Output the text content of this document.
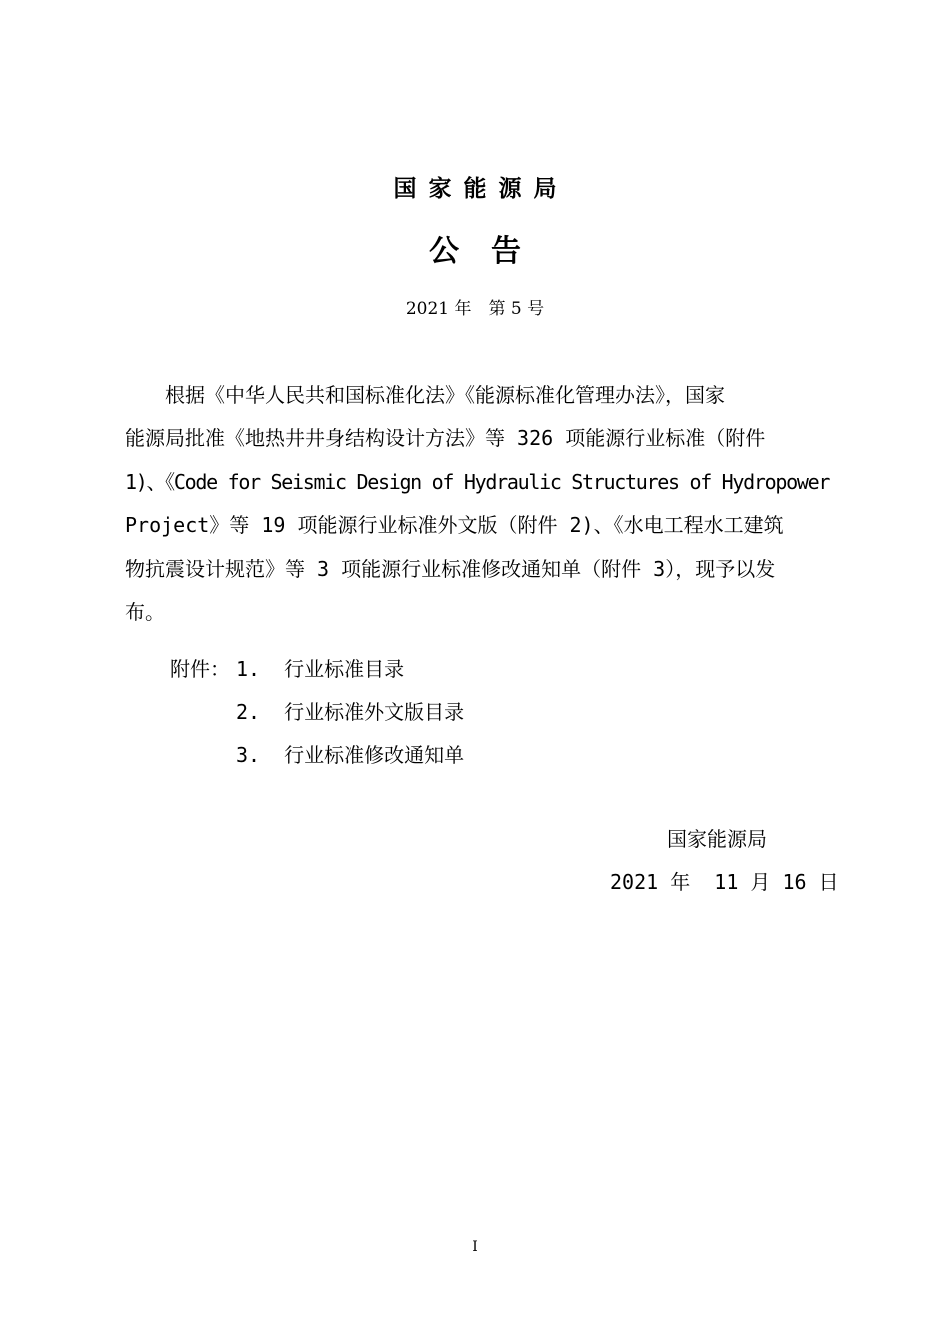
国家能源局
公告
2021 年　第 5 号
　　根据《中华人民共和国标准化法》《能源标准化管理办法》，国家
能源局批准《地热井井身结构设计方法》等 326 项能源行业标准（附件
1)、《Code for Seismic Design of Hydraulic Structures of Hydropower
Project》等 19 项能源行业标准外文版（附件 2)、《水电工程水工建筑
物抗震设计规范》等 3 项能源行业标准修改通知单（附件 3），现予以发
布。
附件： 1.  行业标准目录
2.  行业标准外文版目录
3.  行业标准修改通知单
国家能源局
2021 年  11 月 16 日
I
